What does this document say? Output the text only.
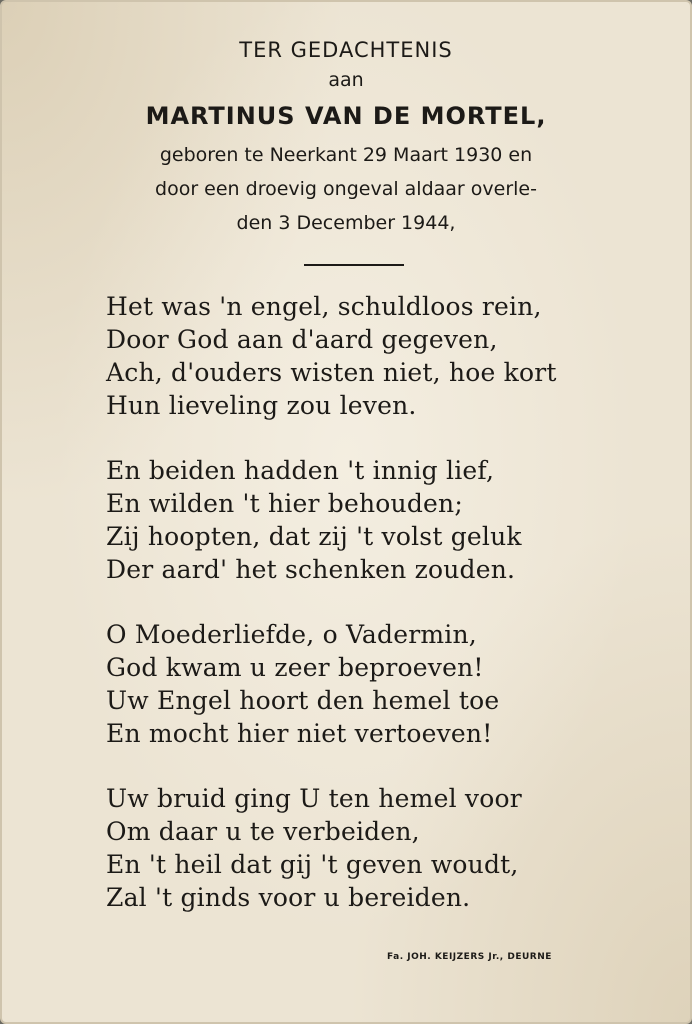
TER GEDACHTENIS
aan
MARTINUS VAN DE MORTEL,
geboren te Neerkant 29 Maart 1930 en
door een droevig ongeval aldaar overle-
den 3 December 1944,
Het was 'n engel, schuldloos rein,
Door God aan d'aard gegeven,
Ach, d'ouders wisten niet, hoe kort
Hun lieveling zou leven.
En beiden hadden 't innig lief,
En wilden 't hier behouden;
Zij hoopten, dat zij 't volst geluk
Der aard' het schenken zouden.
O Moederliefde, o Vadermin,
God kwam u zeer beproeven!
Uw Engel hoort den hemel toe
En mocht hier niet vertoeven!
Uw bruid ging U ten hemel voor
Om daar u te verbeiden,
En 't heil dat gij 't geven woudt,
Zal 't ginds voor u bereiden.
Fa. JOH. KEIJZERS Jr., DEURNE
